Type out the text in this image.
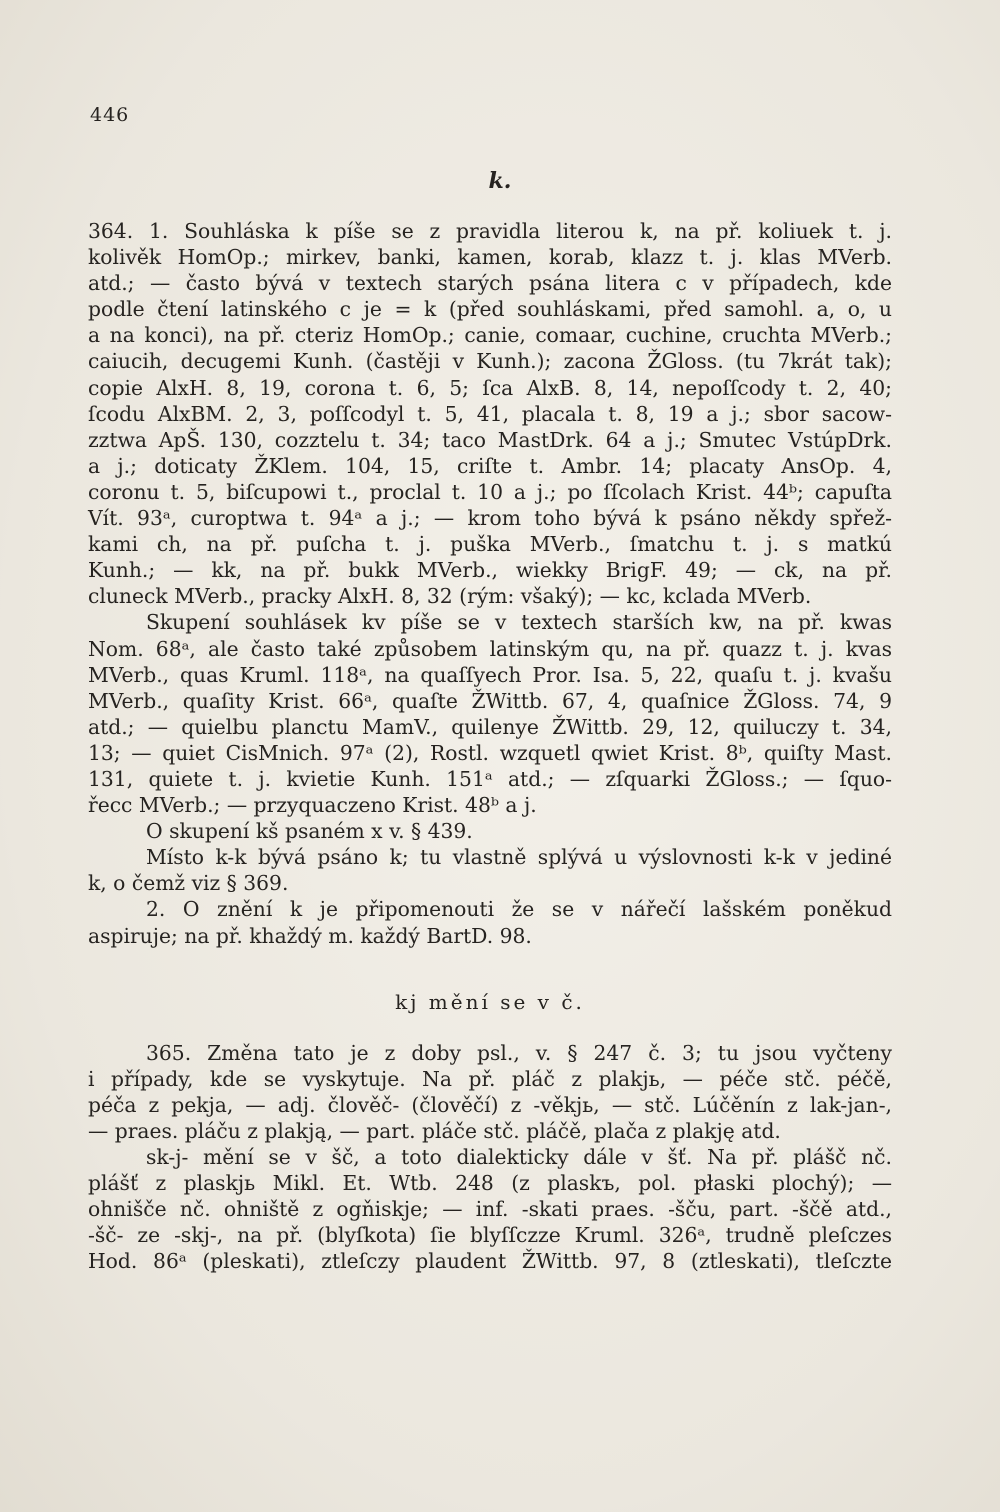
446
k.
364. 1. Souhláska k píše se z pravidla literou k, na př. koliuek t. j.
kolivěk HomOp.; mirkev, banki, kamen, korab, klazz t. j. klas MVerb.
atd.; — často bývá v textech starých psána litera c v případech, kde
podle čtení latinského c je = k (před souhláskami, před samohl. a, o, u
a na konci), na př. cteriz HomOp.; canie, comaar, cuchine, cruchta MVerb.;
caiucih, decugemi Kunh. (častěji v Kunh.); zacona ŽGloss. (tu 7krát tak);
copie AlxH. 8, 19, corona t. 6, 5; ſca AlxB. 8, 14, nepoſſcody t. 2, 40;
ſcodu AlxBM. 2, 3, poſſcodyl t. 5, 41, placala t. 8, 19 a j.; sbor sacow-
zztwa ApŠ. 130, cozztelu t. 34; taco MastDrk. 64 a j.; Smutec VstúpDrk.
a j.; doticaty ŽKlem. 104, 15, criſte t. Ambr. 14; placaty AnsOp. 4,
coronu t. 5, biſcupowi t., proclal t. 10 a j.; po ſſcolach Krist. 44ᵇ; capuſta
Vít. 93ᵃ, curoptwa t. 94ᵃ a j.; — krom toho bývá k psáno někdy spřež-
kami ch, na př. puſcha t. j. puška MVerb., ſmatchu t. j. s matkú
Kunh.; — kk, na př. bukk MVerb., wiekky BrigF. 49; — ck, na př.
cluneck MVerb., pracky AlxH. 8, 32 (rým: všaký); — kc, kclada MVerb.
Skupení souhlásek kv píše se v textech starších kw, na př. kwas
Nom. 68ᵃ, ale často také způsobem latinským qu, na př. quazz t. j. kvas
MVerb., quas Kruml. 118ᵃ, na quaſſyech Pror. Isa. 5, 22, quaſu t. j. kvašu
MVerb., quaſity Krist. 66ᵃ, quaſte ŽWittb. 67, 4, quaſnice ŽGloss. 74, 9
atd.; — quielbu planctu MamV., quilenye ŽWittb. 29, 12, quiluczy t. 34,
13; — quiet CisMnich. 97ᵃ (2), Rostl. wzquetl qwiet Krist. 8ᵇ, quiſty Mast.
131, quiete t. j. kvietie Kunh. 151ᵃ atd.; — zſquarki ŽGloss.; — ſquo-
řecc MVerb.; — przyquaczeno Krist. 48ᵇ a j.
O skupení kš psaném x v. § 439.
Místo k-k bývá psáno k; tu vlastně splývá u výslovnosti k-k v jediné
k, o čemž viz § 369.
2. O znění k je připomenouti že se v nářečí lašském poněkud
aspiruje; na př. khaždý m. každý BartD. 98.
kj mění se v č.
365. Změna tato je z doby psl., v. § 247 č. 3; tu jsou vyčteny
i případy, kde se vyskytuje. Na př. pláč z plakjь, — péče stč. péčě,
péča z pekja, — adj. člověč- (člověčí) z -věkjь, — stč. Lúčěnín z lak-jan-,
— praes. pláču z plakją, — part. pláče stč. pláčě, plača z plakję atd.
sk-j- mění se v šč, a toto dialekticky dále v šť. Na př. plášč nč.
plášť z plaskjь Mikl. Et. Wtb. 248 (z plaskъ, pol. płaski plochý); —
ohnišče nč. ohniště z ogňiskje; — inf. -skati praes. -šču, part. -ščě atd.,
-šč- ze -skj-, na př. (blyſkota) ſie blyſſczze Kruml. 326ᵃ, trudně pleſczes
Hod. 86ᵃ (pleskati), ztleſczy plaudent ŽWittb. 97, 8 (ztleskati), tleſczte
